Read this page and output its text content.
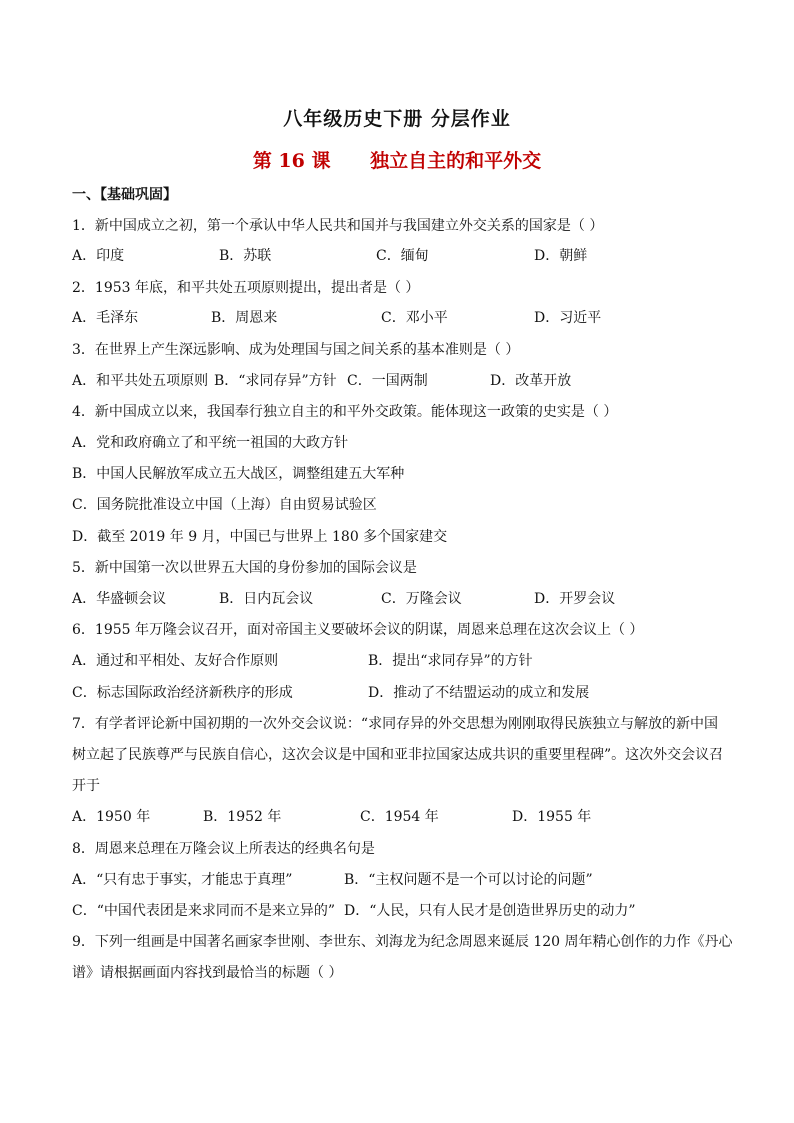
八年级历史下册 分层作业
第 16 课      独立自主的和平外交
一、【基础巩固】
1．新中国成立之初，第一个承认中华人民共和国并与我国建立外交关系的国家是（ ）
A．印度	B．苏联	C．缅甸	D．朝鲜
2．1953 年底，和平共处五项原则提出，提出者是（ ）
A．毛泽东	B．周恩来	C．邓小平	D．习近平
3．在世界上产生深远影响、成为处理国与国之间关系的基本准则是（ ）
A．和平共处五项原则 B．“求同存异”方针 C．一国两制	D．改革开放
4．新中国成立以来，我国奉行独立自主的和平外交政策。能体现这一政策的史实是（ ）
A．党和政府确立了和平统一祖国的大政方针
B．中国人民解放军成立五大战区，调整组建五大军种
C．国务院批准设立中国（上海）自由贸易试验区
D．截至 2019 年 9 月，中国已与世界上 180 多个国家建交
5．新中国第一次以世界五大国的身份参加的国际会议是
A．华盛顿会议	B．日内瓦会议	C．万隆会议	D．开罗会议
6．1955 年万隆会议召开，面对帝国主义要破坏会议的阴谋，周恩来总理在这次会议上（ ）
A．通过和平相处、友好合作原则	B．提出“求同存异”的方针
C．标志国际政治经济新秩序的形成	D．推动了不结盟运动的成立和发展
7．有学者评论新中国初期的一次外交会议说：“求同存异的外交思想为刚刚取得民族独立与解放的新中国
树立起了民族尊严与民族自信心，这次会议是中国和亚非拉国家达成共识的重要里程碑”。这次外交会议召
开于
A．1950 年	B．1952 年	C．1954 年	D．1955 年
8．周恩来总理在万隆会议上所表达的经典名句是
A．“只有忠于事实，才能忠于真理”	B．“主权问题不是一个可以讨论的问题”
C．“中国代表团是来求同而不是来立异的” D．“人民，只有人民才是创造世界历史的动力”
9．下列一组画是中国著名画家李世刚、李世东、刘海龙为纪念周恩来诞辰 120 周年精心创作的力作《丹心
谱》请根据画面内容找到最恰当的标题（ ）
